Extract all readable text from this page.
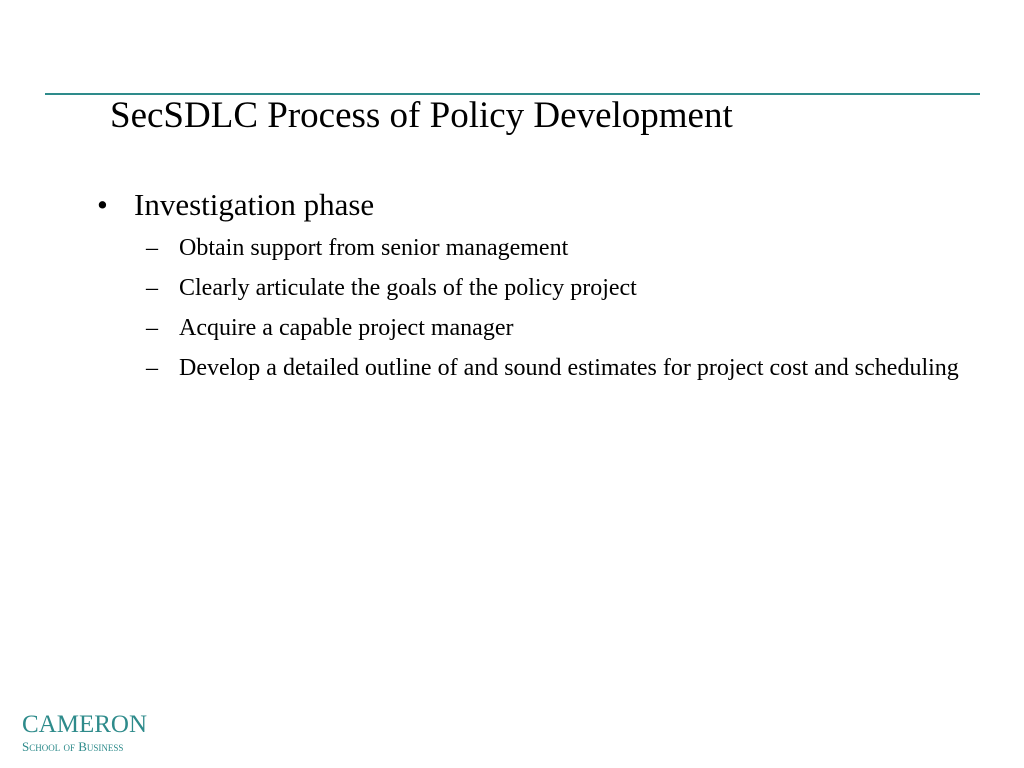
SecSDLC Process of Policy Development
• Investigation phase
– Obtain support from senior management
– Clearly articulate the goals of the policy project
– Acquire a capable project manager
– Develop a detailed outline of and sound estimates for project cost and scheduling
CAMERON
School of Business
